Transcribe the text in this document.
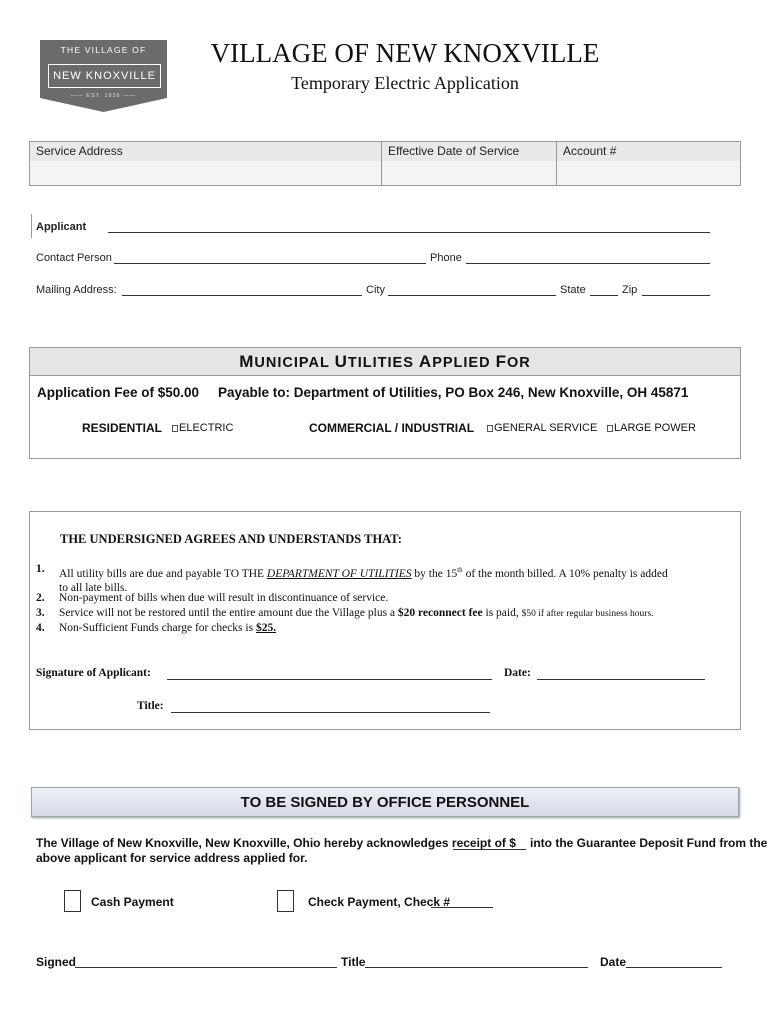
THE VILLAGE OF
NEW KNOXVILLE
—— EST. 1836 ——
VILLAGE OF NEW KNOXVILLE
Temporary Electric Application
Service Address	Effective Date of Service	Account #
Applicant
Contact Person	Phone
Mailing Address:	City	State	Zip
MUNICIPAL UTILITIES APPLIED FOR
Application Fee of $50.00 Payable to: Department of Utilities, PO Box 246, New Knoxville, OH 45871
RESIDENTIAL	ELECTRIC	COMMERCIAL / INDUSTRIAL	GENERAL SERVICE	LARGE POWER
THE UNDERSIGNED AGREES AND UNDERSTANDS THAT:
1. All utility bills are due and payable TO THE DEPARTMENT OF UTILITIES by the 15th of the month billed. A 10% penalty is added
to all late bills.
2. Non-payment of bills when due will result in discontinuance of service.
3. Service will not be restored until the entire amount due the Village plus a $20 reconnect fee is paid, $50 if after regular business hours.
4. Non-Sufficient Funds charge for checks is $25.
Signature of Applicant:	Date:
Title:
TO BE SIGNED BY OFFICE PERSONNEL
The Village of New Knoxville, New Knoxville, Ohio hereby acknowledges receipt of $ into the Guarantee Deposit Fund from the
above applicant for service address applied for.
Cash Payment	Check Payment, Check #
Signed	Title	Date
